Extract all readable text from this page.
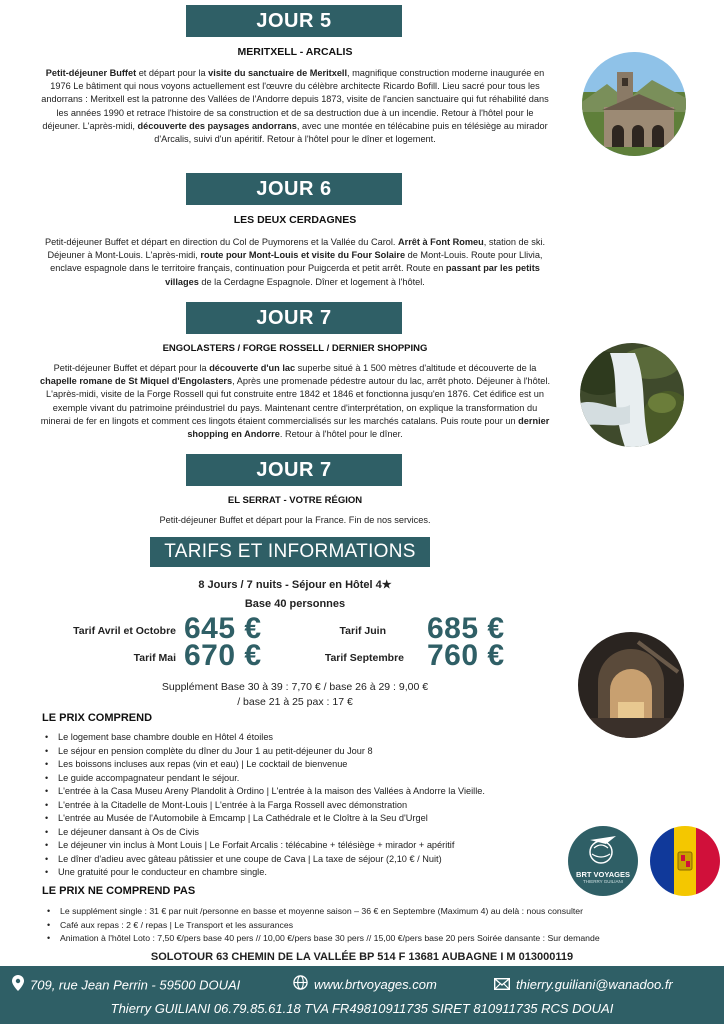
JOUR 5
MERITXELL - ARCALIS

Petit-déjeuner Buffet et départ pour la visite du sanctuaire de Meritxell, magnifique construction moderne inaugurée en 1976 Le bâtiment qui nous voyons actuellement est l'œuvre du célèbre architecte Ricardo Bofill. Lieu sacré pour tous les andorrans : Meritxell est la patronne des Vallées de l'Andorre depuis 1873, visite de l'ancien sanctuaire qui fut réhabilité dans les années 1990 et retrace l'histoire de sa construction et de sa destruction due à un incendie. Retour à l'hôtel pour le déjeuner. L'après-midi, découverte des paysages andorrans, avec une montée en télécabine puis en télésiège au mirador d'Arcalis, suivi d'un apéritif. Retour à l'hôtel pour le dîner et logement.

JOUR 6
LES DEUX CERDAGNES

Petit-déjeuner Buffet et départ en direction du Col de Puymorens et la Vallée du Carol. Arrêt à Font Romeu, station de ski. Déjeuner à Mont-Louis. L'après-midi, route pour Mont-Louis et visite du Four Solaire de Mont-Louis. Route pour Llivia, enclave espagnole dans le territoire français, continuation pour Puigcerda et petit arrêt. Route en passant par les petits villages de la Cerdagne Espagnole. Dîner et logement à l'hôtel.

JOUR 7
ENGOLASTERS / FORGE ROSSELL / DERNIER SHOPPING

Petit-déjeuner Buffet et départ pour la découverte d'un lac superbe situé à 1 500 mètres d'altitude et découverte de la chapelle romane de St Miquel d'Engolasters, Après une promenade pédestre autour du lac, arrêt photo. Déjeuner à l'hôtel. L'après-midi, visite de la Forge Rossell qui fut construite entre 1842 et 1846 et fonctionna jusqu'en 1876. Cet édifice est un exemple vivant du patrimoine préindustriel du pays. Maintenant centre d'interprétation, on explique la transformation du minerai de fer en lingots et comment ces lingots étaient commercialisés sur les marchés catalans. Puis route pour un dernier shopping en Andorre. Retour à l'hôtel pour le dîner.

JOUR 7
EL SERRAT - VOTRE RÉGION

Petit-déjeuner Buffet et départ pour la France. Fin de nos services.

TARIFS ET INFORMATIONS
8 Jours / 7 nuits - Séjour en Hôtel 4★
Base 40 personnes
Tarif Avril et Octobre 645 €	Tarif Juin 685 €
Tarif Mai 670 €	Tarif Septembre 760 €
Supplément Base 30 à 39 : 7,70 € / base 26 à 29 : 9,00 €
/ base 21 à 25 pax : 17 €
LE PRIX COMPREND
• Le logement base chambre double en Hôtel 4 étoiles
• Le séjour en pension complète du dîner du Jour 1 au petit-déjeuner du Jour 8
• Les boissons incluses aux repas (vin et eau) | Le cocktail de bienvenue
• Le guide accompagnateur pendant le séjour.
• L'entrée à la Casa Museu Areny Plandolit à Ordino | L'entrée à la maison des Vallées à Andorre la Vieille.
• L'entrée à la Citadelle de Mont-Louis | L'entrée à la Farga Rossell avec démonstration
• L'entrée au Musée de l'Automobile à Emcamp | La Cathédrale et le Cloître à la Seu d'Urgel
• Le déjeuner dansant à Os de Civis
• Le déjeuner vin inclus à Mont Louis | Le Forfait Arcalis : télécabine + télésiège + mirador + apéritif
• Le dîner d'adieu avec gâteau pâtissier et une coupe de Cava | La taxe de séjour (2,10 € / Nuit)
• Une gratuité pour le conducteur en chambre single.	BRT VOYAGES
THIERRY GUILIANI
LE PRIX NE COMPREND PAS
• Le supplément single : 31 € par nuit /personne en basse et moyenne saison – 36 € en Septembre (Maximum 4) au delà : nous consulter
• Café aux repas : 2 € / repas | Le Transport et les assurances
• Animation à l'hôtel Loto : 7,50 €/pers base 40 pers // 10,00 €/pers base 30 pers // 15,00 €/pers base 20 pers Soirée dansante : Sur demande
SOLOTOUR 63 CHEMIN DE LA VALLÉE BP 514 F 13681 AUBAGNE I M 013000119
709, rue Jean Perrin - 59500 DOUAI	www.brtvoyages.com	thierry.guiliani@wanadoo.fr
Thierry GUILIANI 06.79.85.61.18 TVA FR49810911735 SIRET 810911735 RCS DOUAI
